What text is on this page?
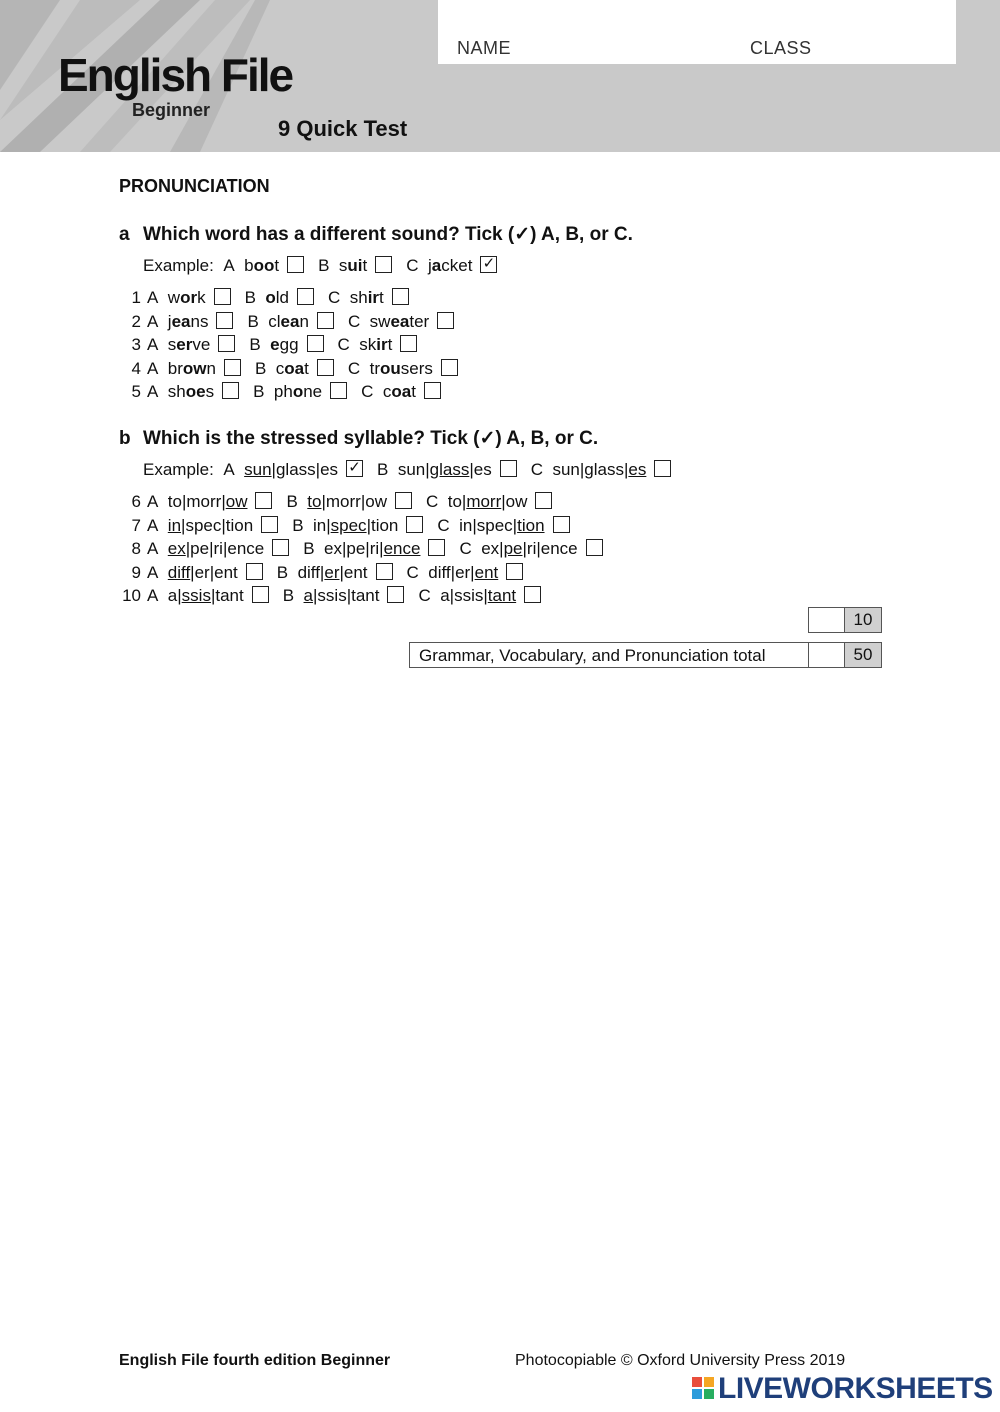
English File
Beginner
9 Quick Test
NAME	CLASS
PRONUNCIATION
a Which word has a different sound? Tick (✓) A, B, or C.
Example: A boot B suit C jacket✓
1 A work B old C shirt
2 A jeans B clean C sweater
3 A serve B egg C skirt
4 A brown B coat C trousers
5 A shoes B phone C coat
b Which is the stressed syllable? Tick (✓) A, B, or C.
Example: A sun|glass|es✓ B sun|glass|es C sun|glass|es
6 A to|morr|ow B to|morr|ow C to|morr|ow
7 A in|spec|tion B in|spec|tion C in|spec|tion
8 A ex|pe|ri|ence B ex|pe|ri|ence C ex|pe|ri|ence
9 A diff|er|ent B diff|er|ent C diff|er|ent
10 A a|ssis|tant B a|ssis|tant C a|ssis|tant
10
Grammar, Vocabulary, and Pronunciation total	50
English File fourth edition Beginner	Photocopiable © Oxford University Press 2019
LIVEWORKSHEETS
